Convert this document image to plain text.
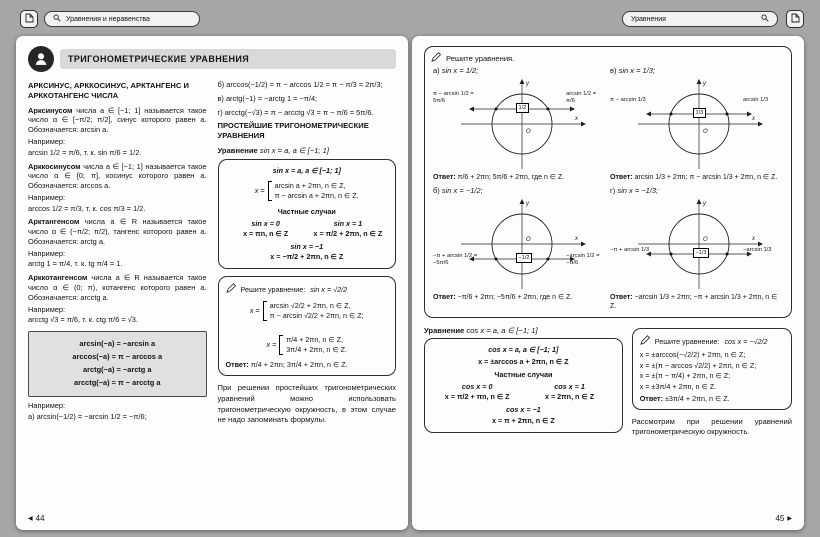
Уравнения и неравенства	Уравнения
ТРИГОНОМЕТРИЧЕСКИЕ УРАВНЕНИЯ
АРКСИНУС, АРККОСИНУС, АРКТАНГЕНС И АРККОТАНГЕНС ЧИСЛА

Арксинусом числа a ∈ [−1; 1] называется такое число α ∈ [−π/2; π/2], синус которого равен a. Обозначается: arcsin a.

Например:

arcsin 1/2 = π/6, т. к. sin π/6 = 1/2.

Арккосинусом числа a ∈ [−1; 1] называется такое число α ∈ [0; π], косинус которого равен a. Обозначается: arccos a.

Например:

arccos 1/2 = π/3, т. к. cos π/3 = 1/2.

Арктангенсом числа a ∈ R называется такое число α ∈ (−π/2; π/2), тангенс которого равен a. Обозначается: arctg a.

Например:

arctg 1 = π/4, т. к. tg π/4 = 1.

Арккотангенсом числа a ∈ R называется такое число α ∈ (0; π), котангенс которого равен a. Обозначается: arcctg a.

Например:

arcctg √3 = π/6, т. к. ctg π/6 = √3.

arcsin(−a) = −arcsin a
arccos(−a) = π − arccos a
arctg(−a) = −arctg a
arcctg(−a) = π − arcctg a

Например:

а) arcsin(−1/2) = −arcsin 1/2 = −π/6;

б) arccos(−1/2) = π − arccos 1/2 = π − π/3 = 2π/3;

в) arctg(−1) = −arctg 1 = −π/4;

г) arcctg(−√3) = π − arcctg √3 = π − π/6 = 5π/6.

ПРОСТЕЙШИЕ ТРИГОНОМЕТРИЧЕСКИЕ УРАВНЕНИЯ

Уравнение sin x = a, a ∈ [−1; 1]

sin x = a, a ∈ [−1; 1]
x =
arcsin a + 2πn, n ∈ Z,
π − arcsin a + 2πn, n ∈ Z.
Частные случаи
sin x = 0
x = πn, n ∈ Z
sin x = 1
x = π/2 + 2πn, n ∈ Z
sin x = −1
x = −π/2 + 2πn, n ∈ Z
Решите уравнение: sin x = √2/2
x =
arcsin √2/2 + 2πn, n ∈ Z,
π − arcsin √2/2 + 2πn, n ∈ Z;
x =
π/4 + 2πn, n ∈ Z,
3π/4 + 2πn, n ∈ Z.
Ответ: π/4 + 2πn; 3π/4 + 2πn, n ∈ Z.

При решении простейших тригонометрических уравнений можно использовать тригонометрическую окружность, в этом случае не надо запоминать формулы.

◀ 44
Решите уравнения.
а) sin x = 1/2;
O
x
y
π − arcsin 1/2 = 5π/6
arcsin 1/2 = π/6
1/2
Ответ: π/6 + 2πn; 5π/6 + 2πn, где n ∈ Z.
в) sin x = 1/3;
O
x
y
π − arcsin 1/3	arcsin 1/3
1/3
Ответ: arcsin 1/3 + 2πn; π − arcsin 1/3 + 2πn, n ∈ Z.
б) sin x = −1/2;
O	x
y
−π + arcsin 1/2 = −5π/6
−arcsin 1/2 = −π/6
−1/2
Ответ: −π/6 + 2πn; −5π/6 + 2πn, где n ∈ Z.
г) sin x = −1/3;
O	x
y
−π + arcsin 1/3	−arcsin 1/3
−1/3
Ответ: −arcsin 1/3 + 2πn; −π + arcsin 1/3 + 2πn, n ∈ Z.

Уравнение cos x = a, a ∈ [−1; 1]

cos x = a, a ∈ [−1; 1]
x = ±arccos a + 2πn, n ∈ Z
Частные случаи
cos x = 0
x = π/2 + πn, n ∈ Z
cos x = 1
x = 2πn, n ∈ Z
cos x = −1
x = π + 2πn, n ∈ Z
Решите уравнение: cos x = −√2/2
x = ±arccos(−√2/2) + 2πn, n ∈ Z;
x = ±(π − arccos √2/2) + 2πn, n ∈ Z;
x = ±(π − π/4) + 2πn, n ∈ Z;
x = ±3π/4 + 2πn, n ∈ Z.
Ответ: ±3π/4 + 2πn, n ∈ Z.

Рассмотрим при решении уравнений тригонометрическую окружность.

45 ▶
